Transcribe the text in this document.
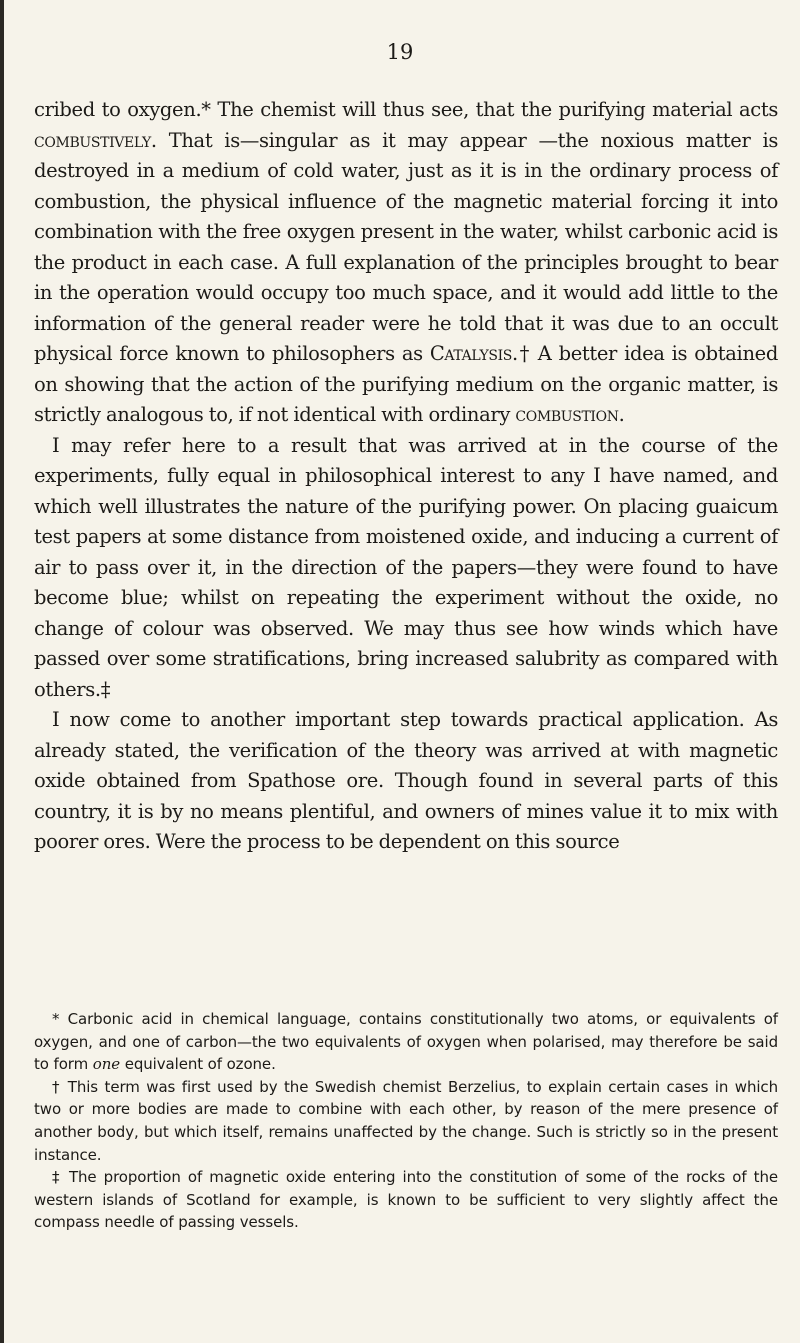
19

cribed to oxygen.* The chemist will thus see, that the purifying material acts combustively. That is—singular as it may appear —the noxious matter is destroyed in a medium of cold water, just as it is in the ordinary process of combustion, the physical influence of the magnetic material forcing it into combination with the free oxygen present in the water, whilst carbonic acid is the product in each case. A full explanation of the principles brought to bear in the operation would occupy too much space, and it would add little to the information of the general reader were he told that it was due to an occult physical force known to philosophers as Catalysis.† A better idea is obtained on showing that the action of the purifying medium on the organic matter, is strictly analogous to, if not identical with ordinary combustion.

I may refer here to a result that was arrived at in the course of the experiments, fully equal in philosophical interest to any I have named, and which well illustrates the nature of the purifying power. On placing guaicum test papers at some distance from moistened oxide, and inducing a current of air to pass over it, in the direction of the papers—they were found to have become blue; whilst on repeating the experiment without the oxide, no change of colour was observed. We may thus see how winds which have passed over some stratifications, bring increased salubrity as compared with others.‡

I now come to another important step towards practical application. As already stated, the verification of the theory was arrived at with magnetic oxide obtained from Spathose ore. Though found in several parts of this country, it is by no means plentiful, and owners of mines value it to mix with poorer ores. Were the process to be dependent on this source

* Carbonic acid in chemical language, contains constitutionally two atoms, or equivalents of oxygen, and one of carbon—the two equivalents of oxygen when polarised, may therefore be said to form one equivalent of ozone.

† This term was first used by the Swedish chemist Berzelius, to explain certain cases in which two or more bodies are made to combine with each other, by reason of the mere presence of another body, but which itself, remains unaffected by the change. Such is strictly so in the present instance.

‡ The proportion of magnetic oxide entering into the constitution of some of the rocks of the western islands of Scotland for example, is known to be sufficient to very slightly affect the compass needle of passing vessels.
